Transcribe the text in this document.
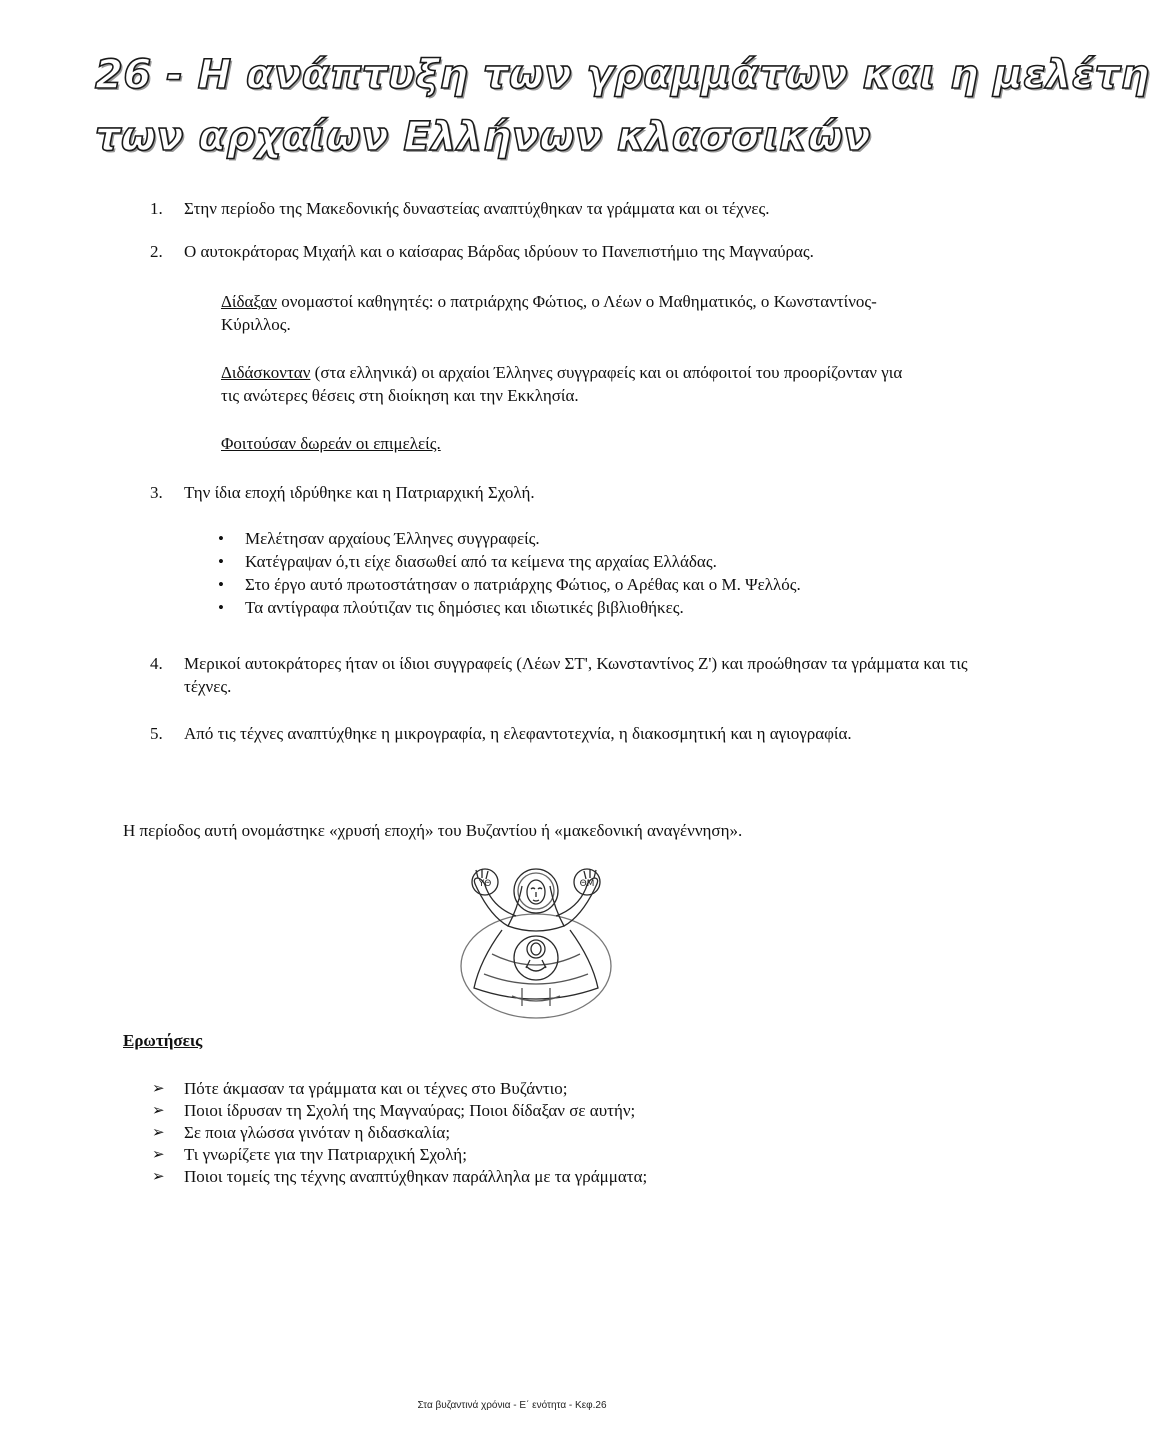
26 - Η ανάπτυξη των γραμμάτων και η μελέτη
των αρχαίων Ελλήνων κλασσικών
1. Στην περίοδο της Μακεδονικής δυναστείας αναπτύχθηκαν τα γράμματα και οι τέχνες.
2. Ο αυτοκράτορας Μιχαήλ και ο καίσαρας Βάρδας ιδρύουν το Πανεπιστήμιο της Μαγναύρας.
Δίδαξαν ονομαστοί καθηγητές: ο πατριάρχης Φώτιος, ο Λέων ο Μαθηματικός, ο Κωνσταντίνος-Κύριλλος.
Διδάσκονταν (στα ελληνικά) οι αρχαίοι Έλληνες συγγραφείς και οι απόφοιτοί του προορίζονταν για τις ανώτερες θέσεις στη διοίκηση και την Εκκλησία.
Φοιτούσαν δωρεάν οι επιμελείς.
3. Την ίδια εποχή ιδρύθηκε και η Πατριαρχική Σχολή.
• Μελέτησαν αρχαίους Έλληνες συγγραφείς.
• Κατέγραψαν ό,τι είχε διασωθεί από τα κείμενα της αρχαίας Ελλάδας.
• Στο έργο αυτό πρωτοστάτησαν ο πατριάρχης Φώτιος, ο Αρέθας και ο Μ. Ψελλός.
• Τα αντίγραφα πλούτιζαν τις δημόσιες και ιδιωτικές βιβλιοθήκες.
4. Μερικοί αυτοκράτορες ήταν οι ίδιοι συγγραφείς (Λέων ΣΤ', Κωνσταντίνος Ζ') και προώθησαν τα γράμματα και τις τέχνες.
5. Από τις τέχνες αναπτύχθηκε η μικρογραφία, η ελεφαντοτεχνία, η διακοσμητική και η αγιογραφία.
Η περίοδος αυτή ονομάστηκε «χρυσή εποχή» του Βυζαντίου ή «μακεδονική αναγέννηση».
ΥΘ	ΘΜ
Ερωτήσεις
➢ Πότε άκμασαν τα γράμματα και οι τέχνες στο Βυζάντιο;
➢ Ποιοι ίδρυσαν τη Σχολή της Μαγναύρας; Ποιοι δίδαξαν σε αυτήν;
➢ Σε ποια γλώσσα γινόταν η διδασκαλία;
➢ Τι γνωρίζετε για την Πατριαρχική Σχολή;
➢ Ποιοι τομείς της τέχνης αναπτύχθηκαν παράλληλα με τα γράμματα;
Στα βυζαντινά χρόνια - Ε΄ ενότητα - Κεφ.26
